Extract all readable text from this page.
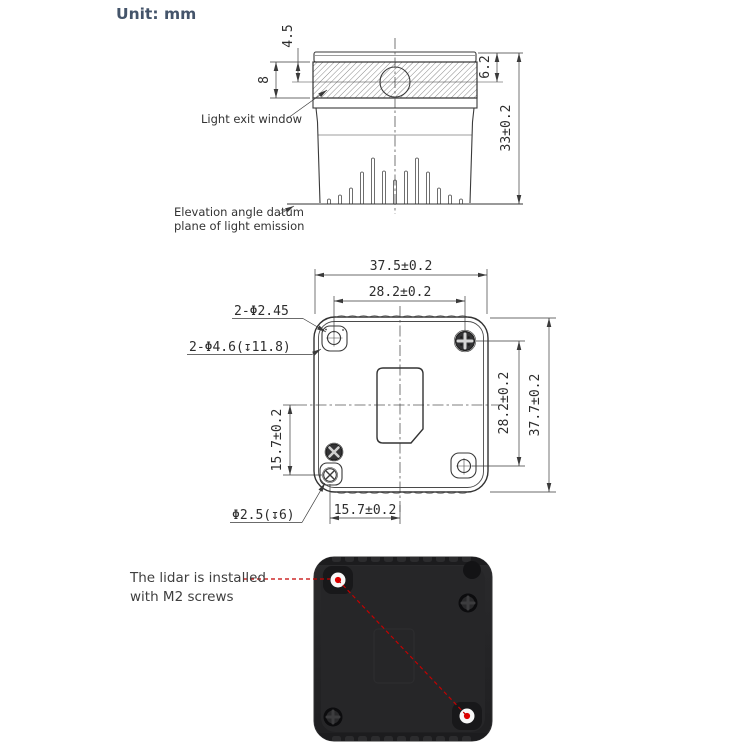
Unit: mm
8
4.5
6.2
33±0.2
Light exit window
Elevation angle datum
plane of light emission
37.5±0.2
28.2±0.2
2-Φ2.45
2-Φ4.6(↧11.8)
28.2±0.2 37.7±0.2
15.7±0.2
15.7±0.2
Φ2.5(↧6)
The lidar is installed
with M2 screws
